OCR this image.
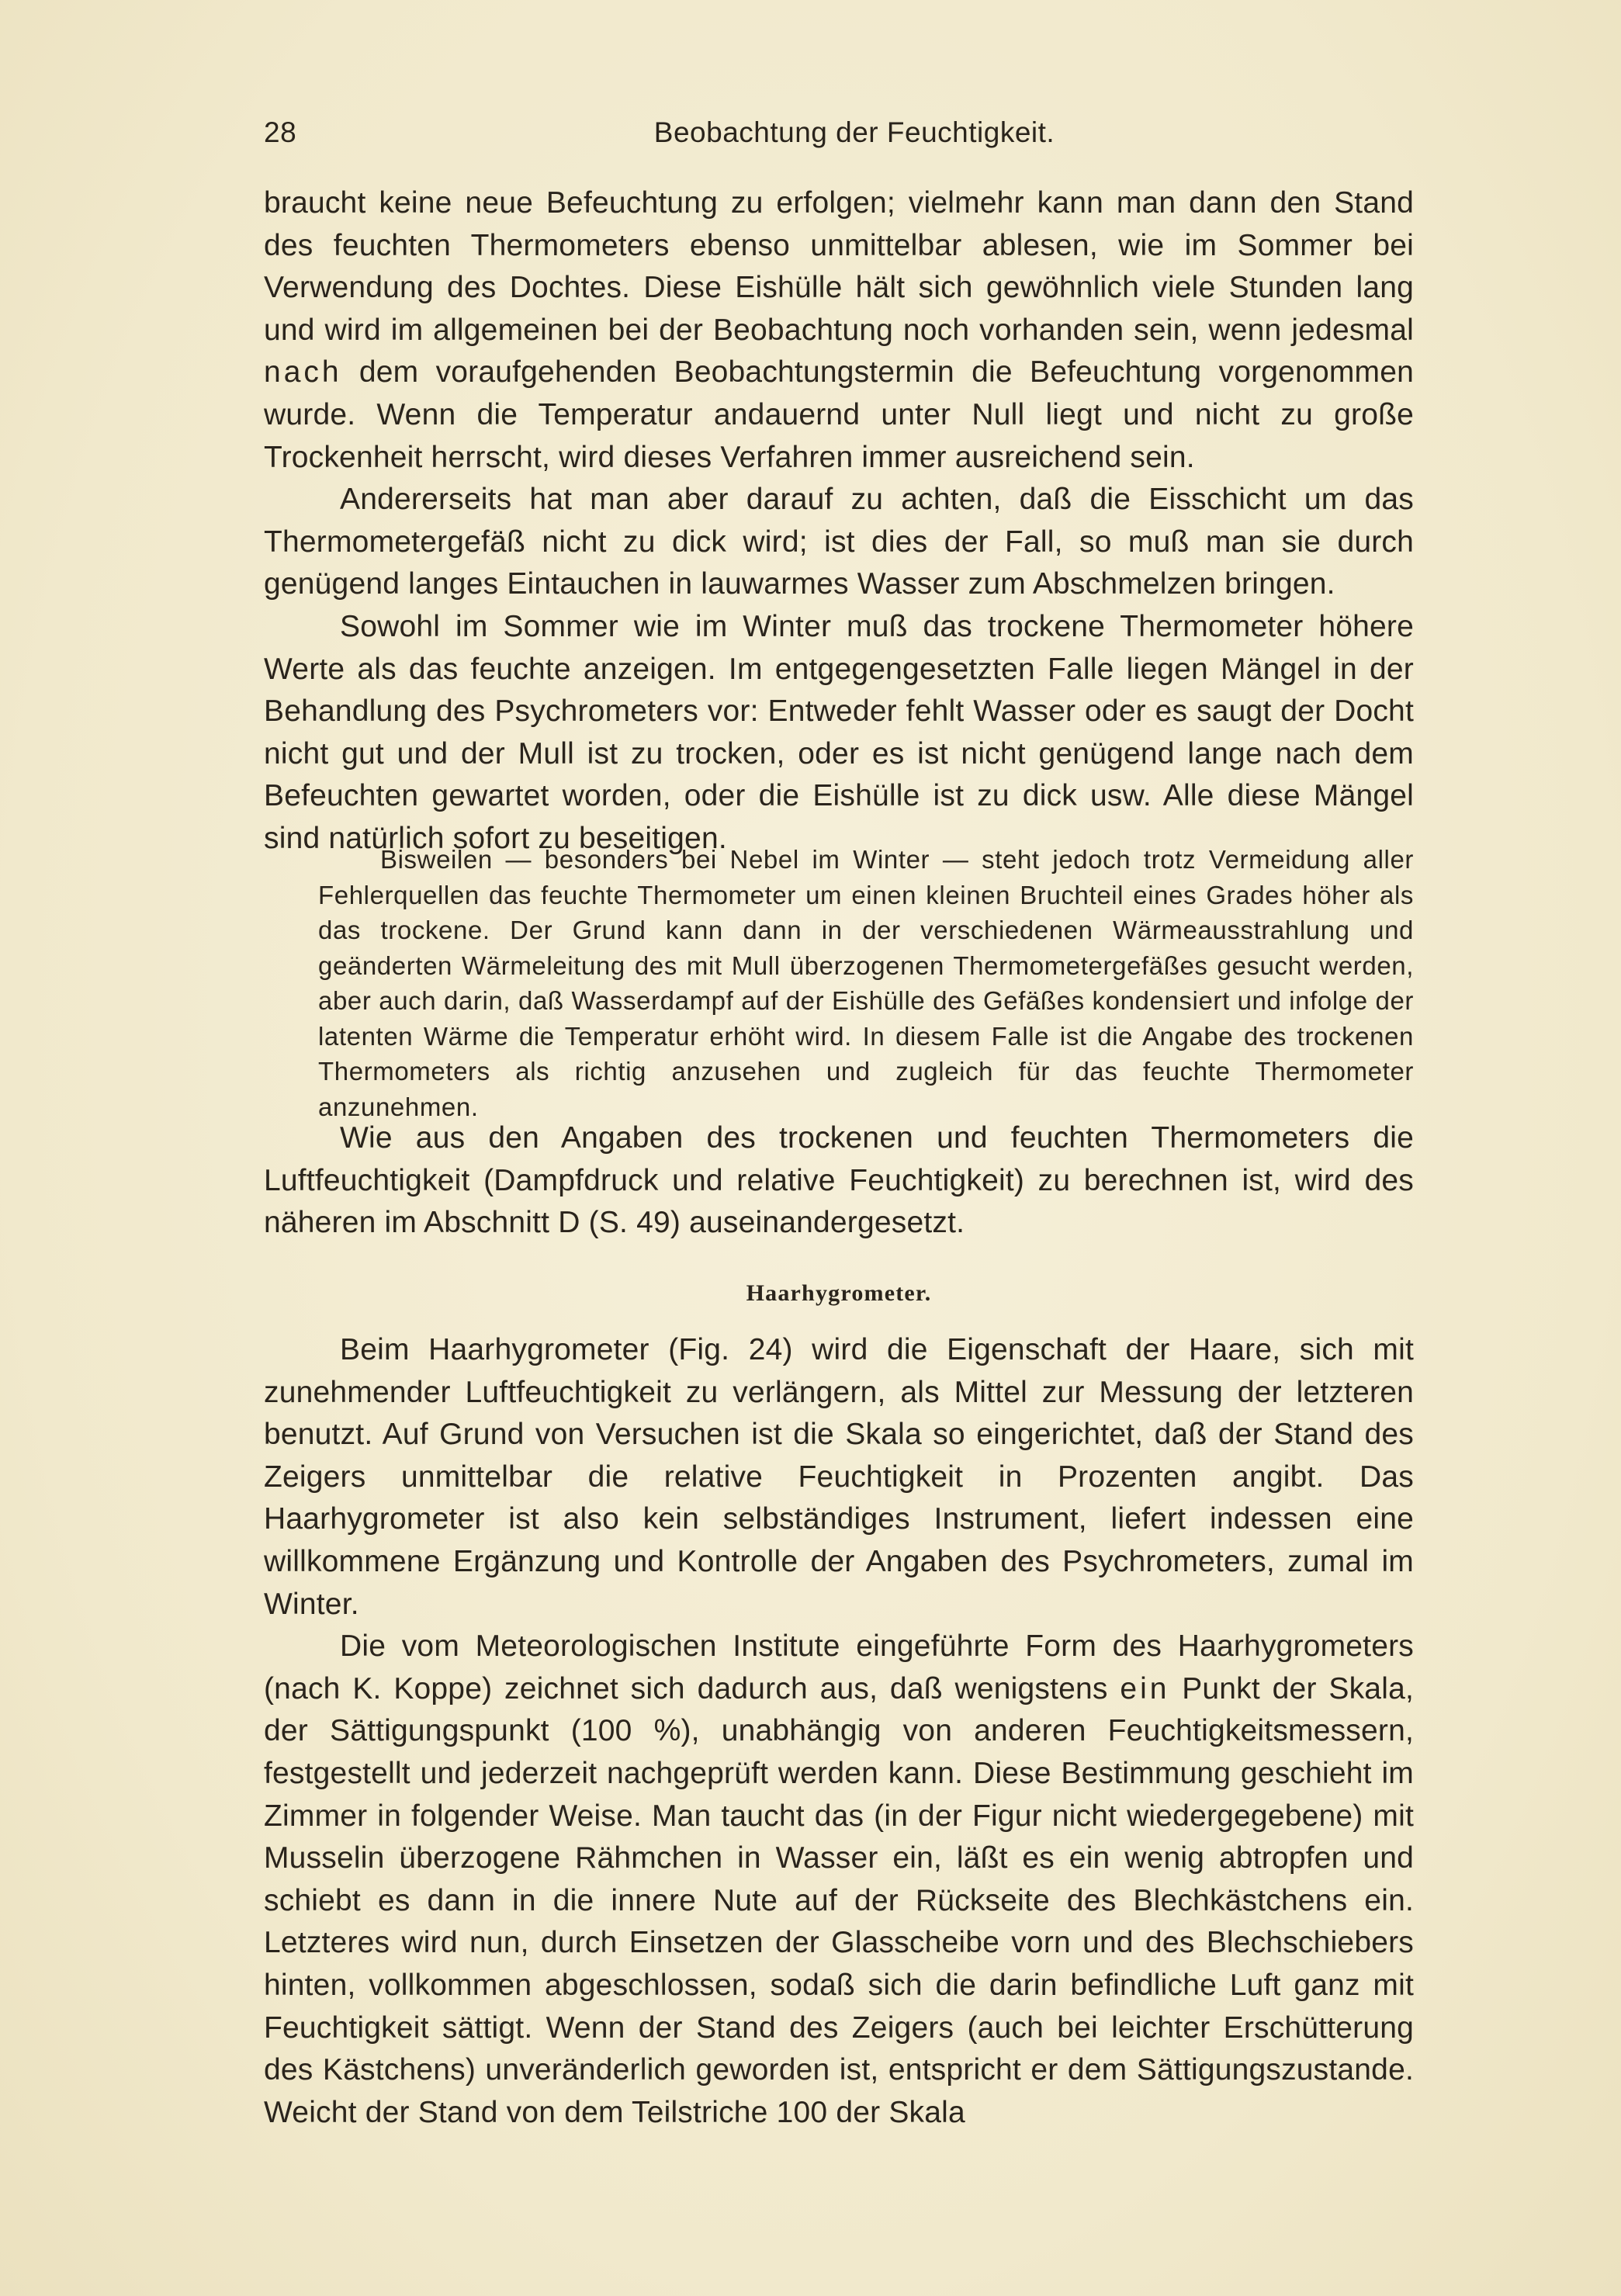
28	Beobachtung der Feuchtigkeit.

braucht keine neue Befeuchtung zu erfolgen; vielmehr kann man dann den Stand des feuchten Thermometers ebenso unmittelbar ablesen, wie im Sommer bei Verwendung des Dochtes. Diese Eishülle hält sich gewöhnlich viele Stunden lang und wird im allgemeinen bei der Beobachtung noch vorhanden sein, wenn jedesmal nach dem voraufgehenden Beobachtungstermin die Befeuchtung vorgenommen wurde. Wenn die Temperatur andauernd unter Null liegt und nicht zu große Trockenheit herrscht, wird dieses Verfahren immer ausreichend sein.

Andererseits hat man aber darauf zu achten, daß die Eisschicht um das Thermometergefäß nicht zu dick wird; ist dies der Fall, so muß man sie durch genügend langes Eintauchen in lauwarmes Wasser zum Abschmelzen bringen.

Sowohl im Sommer wie im Winter muß das trockene Thermometer höhere Werte als das feuchte anzeigen. Im entgegengesetzten Falle liegen Mängel in der Behandlung des Psychrometers vor: Entweder fehlt Wasser oder es saugt der Docht nicht gut und der Mull ist zu trocken, oder es ist nicht genügend lange nach dem Befeuchten gewartet worden, oder die Eishülle ist zu dick usw. Alle diese Mängel sind natürlich sofort zu beseitigen.

Bisweilen — besonders bei Nebel im Winter — steht jedoch trotz Vermeidung aller Fehlerquellen das feuchte Thermometer um einen kleinen Bruchteil eines Grades höher als das trockene. Der Grund kann dann in der verschiedenen Wärmeausstrahlung und geänderten Wärmeleitung des mit Mull überzogenen Thermometergefäßes gesucht werden, aber auch darin, daß Wasserdampf auf der Eishülle des Gefäßes kondensiert und infolge der latenten Wärme die Temperatur erhöht wird. In diesem Falle ist die Angabe des trockenen Thermometers als richtig anzusehen und zugleich für das feuchte Thermometer anzunehmen.

Wie aus den Angaben des trockenen und feuchten Thermometers die Luftfeuchtigkeit (Dampfdruck und relative Feuchtigkeit) zu berechnen ist, wird des näheren im Abschnitt D (S. 49) auseinandergesetzt.

Haarhygrometer.

Beim Haarhygrometer (Fig. 24) wird die Eigenschaft der Haare, sich mit zunehmender Luftfeuchtigkeit zu verlängern, als Mittel zur Messung der letzteren benutzt. Auf Grund von Versuchen ist die Skala so eingerichtet, daß der Stand des Zeigers unmittelbar die relative Feuchtigkeit in Prozenten angibt. Das Haarhygrometer ist also kein selbständiges Instrument, liefert indessen eine willkommene Ergänzung und Kontrolle der Angaben des Psychrometers, zumal im Winter.

Die vom Meteorologischen Institute eingeführte Form des Haarhygrometers (nach K. Koppe) zeichnet sich dadurch aus, daß wenigstens ein Punkt der Skala, der Sättigungspunkt (100 %), unabhängig von anderen Feuchtigkeitsmessern, festgestellt und jederzeit nachgeprüft werden kann. Diese Bestimmung geschieht im Zimmer in folgender Weise. Man taucht das (in der Figur nicht wiedergegebene) mit Musselin überzogene Rähmchen in Wasser ein, läßt es ein wenig abtropfen und schiebt es dann in die innere Nute auf der Rückseite des Blechkästchens ein. Letzteres wird nun, durch Einsetzen der Glasscheibe vorn und des Blechschiebers hinten, vollkommen abgeschlossen, sodaß sich die darin befindliche Luft ganz mit Feuchtigkeit sättigt. Wenn der Stand des Zeigers (auch bei leichter Erschütterung des Kästchens) unveränderlich geworden ist, entspricht er dem Sättigungszustande. Weicht der Stand von dem Teilstriche 100 der Skala
